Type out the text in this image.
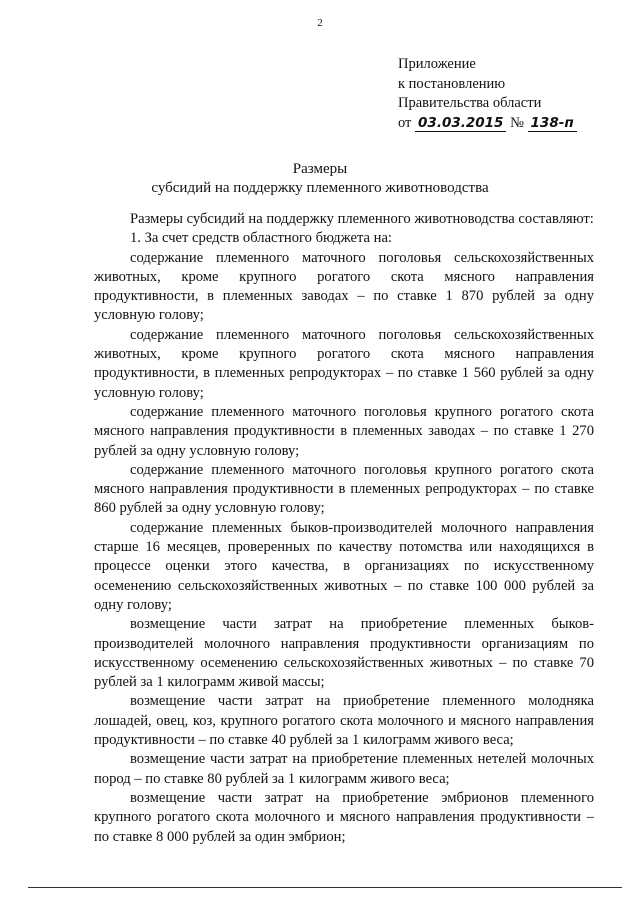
2
Приложение
к постановлению
Правительства области
от 03.03.2015 № 138-п
Размеры
субсидий на поддержку племенного животноводства

Размеры субсидий на поддержку племенного животноводства составляют:

1. За счет средств областного бюджета на:

содержание племенного маточного поголовья сельскохозяйственных животных, кроме крупного рогатого скота мясного направления продуктивности, в племенных заводах – по ставке 1 870 рублей за одну условную голову;

содержание племенного маточного поголовья сельскохозяйственных животных, кроме крупного рогатого скота мясного направления продуктивности, в племенных репродукторах – по ставке 1 560 рублей за одну условную голову;

содержание племенного маточного поголовья крупного рогатого скота мясного направления продуктивности в племенных заводах – по ставке 1 270 рублей за одну условную голову;

содержание племенного маточного поголовья крупного рогатого скота мясного направления продуктивности в племенных репродукторах – по ставке 860 рублей за одну условную голову;

содержание племенных быков-производителей молочного направления старше 16 месяцев, проверенных по качеству потомства или находящихся в процессе оценки этого качества, в организациях по искусственному осеменению сельскохозяйственных животных – по ставке 100 000 рублей за одну голову;

возмещение части затрат на приобретение племенных быков-производителей молочного направления продуктивности организациям по искусственному осеменению сельскохозяйственных животных – по ставке 70 рублей за 1 килограмм живой массы;

возмещение части затрат на приобретение племенного молодняка лошадей, овец, коз, крупного рогатого скота молочного и мясного направления продуктивности – по ставке 40 рублей за 1 килограмм живого веса;

возмещение части затрат на приобретение племенных нетелей молочных пород – по ставке 80 рублей за 1 килограмм живого веса;

возмещение части затрат на приобретение эмбрионов племенного крупного рогатого скота молочного и мясного направления продуктивности – по ставке 8 000 рублей за один эмбрион;
